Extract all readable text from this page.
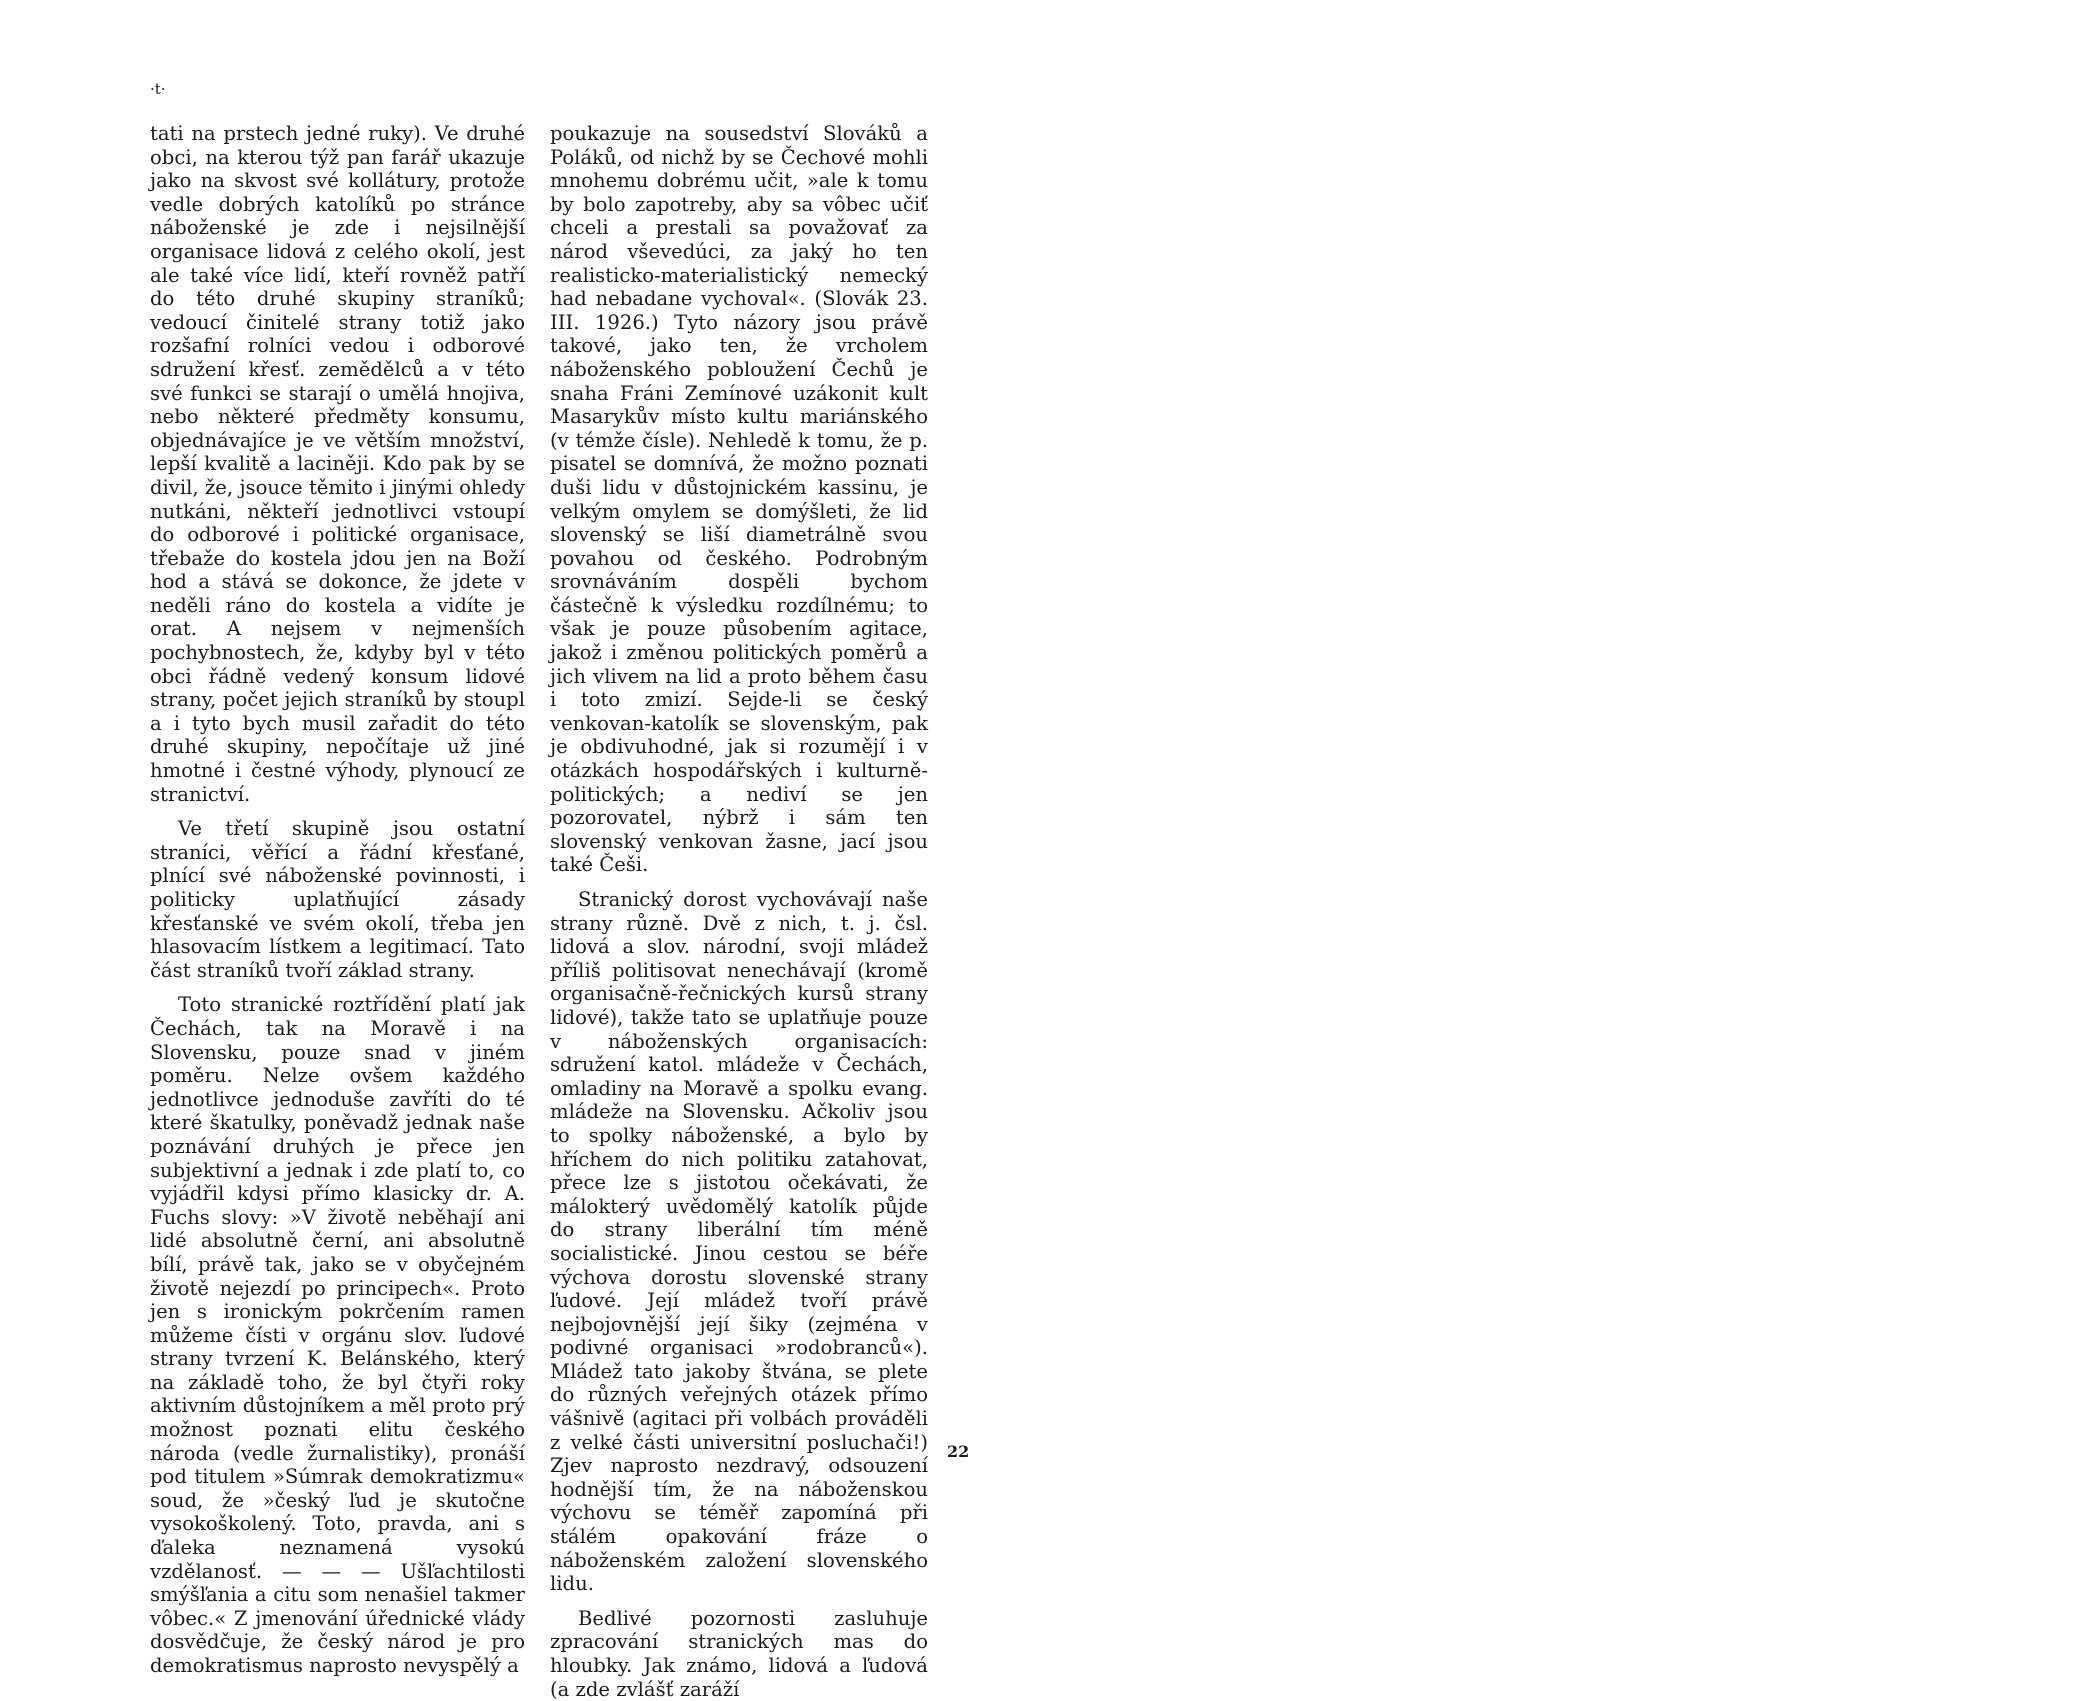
·t·

tati na prstech jedné ruky). Ve druhé obci, na kterou týž pan farář ukazuje jako na skvost své kollátury, protože vedle dobrých katolíků po stránce náboženské je zde i nejsilnější organisace lidová z celého okolí, jest ale také více lidí, kteří rovněž patří do této druhé skupiny straníků; vedoucí činitelé strany totiž jako rozšafní rolníci vedou i odborové sdružení křesť. zemědělců a v této své funkci se starají o umělá hnojiva, nebo některé předměty konsumu, objednávajíce je ve větším množství, lepší kvalitě a laciněji. Kdo pak by se divil, že, jsouce těmito i jinými ohledy nutkáni, někteří jednotlivci vstoupí do odborové i politické organisace, třebaže do kostela jdou jen na Boží hod a stává se dokonce, že jdete v neděli ráno do kostela a vidíte je orat. A nejsem v nejmenších pochybnostech, že, kdyby byl v této obci řádně vedený konsum lidové strany, počet jejich straníků by stoupl a i tyto bych musil zařadit do této druhé skupiny, nepočítaje už jiné hmotné i čestné výhody, plynoucí ze stranictví.

Ve třetí skupině jsou ostatní straníci, věřící a řádní křesťané, plnící své náboženské povinnosti, i politicky uplatňující zásady křesťanské ve svém okolí, třeba jen hlasovacím lístkem a legitimací. Tato část straníků tvoří základ strany.

Toto stranické roztřídění platí jak Čechách, tak na Moravě i na Slovensku, pouze snad v jiném poměru. Nelze ovšem každého jednotlivce jednoduše zavříti do té které škatulky, poněvadž jednak naše poznávání druhých je přece jen subjektivní a jednak i zde platí to, co vyjádřil kdysi přímo klasicky dr. A. Fuchs slovy: »V životě neběhají ani lidé absolutně černí, ani absolutně bílí, právě tak, jako se v obyčejném životě nejezdí po principech«. Proto jen s ironickým pokrčením ramen můžeme čísti v orgánu slov. ľudové strany tvrzení K. Belánského, který na základě toho, že byl čtyři roky aktivním důstojníkem a měl proto prý možnost poznati elitu českého národa (vedle žurnalistiky), pronáší pod titulem »Súmrak demokratizmu« soud, že »český ľud je skutočne vysokoškolený. Toto, pravda, ani s ďaleka neznamená vysokú vzdělanosť. — — — Ušľachtilosti smýšľania a citu som nenašiel takmer vôbec.« Z jmenování úřednické vlády dosvědčuje, že český národ je pro demokratismus naprosto nevyspělý a

poukazuje na sousedství Slováků a Poláků, od nichž by se Čechové mohli mnohemu dobrému učit, »ale k tomu by bolo zapotreby, aby sa vôbec učiť chceli a prestali sa považovať za národ vševedúci, za jaký ho ten realisticko-materialistický nemecký had nebadane vychoval«. (Slovák 23. III. 1926.) Tyto názory jsou právě takové, jako ten, že vrcholem náboženského pobloužení Čechů je snaha Fráni Zemínové uzákonit kult Masarykův místo kultu mariánského (v témže čísle). Nehledě k tomu, že p. pisatel se domnívá, že možno poznati duši lidu v důstojnickém kassinu, je velkým omylem se domýšleti, že lid slovenský se liší diametrálně svou povahou od českého. Podrobným srovnáváním dospěli bychom částečně k výsledku rozdílnému; to však je pouze působením agitace, jakož i změnou politických poměrů a jich vlivem na lid a proto během času i toto zmizí. Sejde-li se český venkovan-katolík se slovenským, pak je obdivuhodné, jak si rozumějí i v otázkách hospodářských i kulturně-politických; a nediví se jen pozorovatel, nýbrž i sám ten slovenský venkovan žasne, jací jsou také Češi.

Stranický dorost vychovávají naše strany různě. Dvě z nich, t. j. čsl. lidová a slov. národní, svoji mládež příliš politisovat nenechávají (kromě organisačně-řečnických kursů strany lidové), takže tato se uplatňuje pouze v náboženských organisacích: sdružení katol. mládeže v Čechách, omladiny na Moravě a spolku evang. mládeže na Slovensku. Ačkoliv jsou to spolky náboženské, a bylo by hříchem do nich politiku zatahovat, přece lze s jistotou očekávati, že málokterý uvědomělý katolík půjde do strany liberální tím méně socialistické. Jinou cestou se béře výchova dorostu slovenské strany ľudové. Její mládež tvoří právě nejbojovnější její šiky (zejména v podivné organisaci »rodobranců«). Mládež tato jakoby štvána, se plete do různých veřejných otázek přímo vášnivě (agitaci při volbách prováděli z velké části universitní posluchači!) Zjev naprosto nezdravý, odsouzení hodnější tím, že na náboženskou výchovu se téměř zapomíná při stálém opakování fráze o náboženském založení slovenského lidu.

Bedlivé pozornosti zasluhuje zpracování stranických mas do hloubky. Jak známo, lidová a ľudová (a zde zvlášť zaráží

22
